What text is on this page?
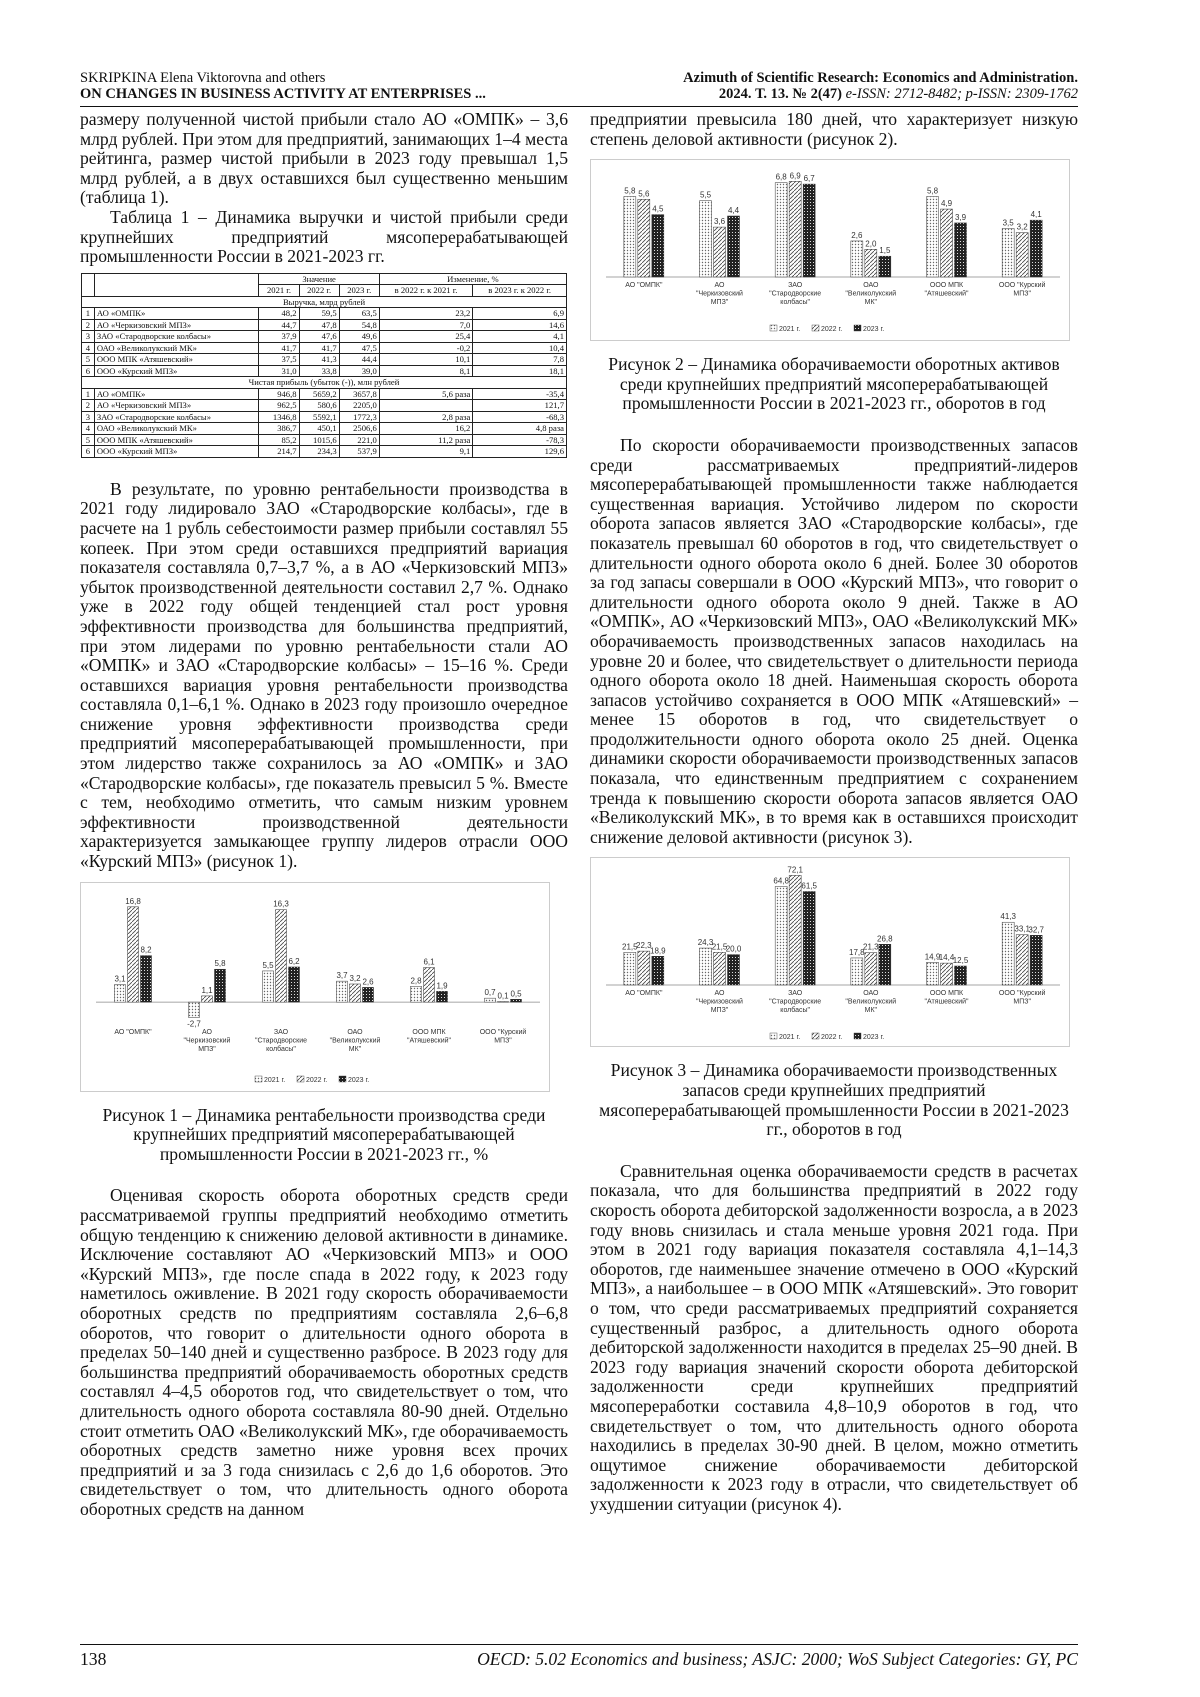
SKRIPKINA Elena Viktorovna and others
ON CHANGES IN BUSINESS ACTIVITY AT ENTERPRISES ...
Azimuth of Scientific Research: Economics and Administration.
2024. Т. 13. № 2(47) e-ISSN: 2712-8482; p-ISSN: 2309-1762

размеру полученной чистой прибыли стало АО «ОМПК» – 3,6 млрд рублей. При этом для предприятий, занимающих 1–4 места рейтинга, размер чистой прибыли в 2023 году превышал 1,5 млрд рублей, а в двух оставшихся был существенно меньшим (таблица 1).

Таблица 1 – Динамика выручки и чистой прибыли среди крупнейших предприятий мясоперерабатывающей промышленности России в 2021-2023 гг.

		Значение			Изменение, %	
		2021 г.	2022 г.	2023 г.	в 2022 г. к 2021 г.	в 2023 г. к 2022 г.
Выручка, млрд рублей						
1	АО «ОМПК»	48,2	59,5	63,5	23,2	6,9
2	АО «Черкизовский МПЗ»	44,7	47,8	54,8	7,0	14,6
3	ЗАО «Стародворские колбасы»	37,9	47,6	49,6	25,4	4,1
4	ОАО «Великолукский МК»	41,7	41,7	47,5	-0,2	10,4
5	ООО МПК «Атяшевский»	37,5	41,3	44,4	10,1	7,8
6	ООО «Курский МПЗ»	31,0	33,8	39,0	8,1	18,1
Чистая прибыль (убыток (-)), млн рублей						
1	АО «ОМПК»	946,8	5659,2	3657,8	5,6 раза	-35,4
2	АО «Черкизовский МПЗ»	962,5	580,6	2205,0		121,7
3	ЗАО «Стародворские колбасы»	1346,8	5592,1	1772,3	2,8 раза	-68,3
4	ОАО «Великолукский МК»	386,7	450,1	2506,6	16,2	4,8 раза
5	ООО МПК «Атяшевский»	85,2	1015,6	221,0	11,2 раза	-78,3
6	ООО «Курский МПЗ»	214,7	234,3	537,9	9,1	129,6

В результате, по уровню рентабельности производства в 2021 году лидировало ЗАО «Стародворские колбасы», где в расчете на 1 рубль себестоимости размер прибыли составлял 55 копеек. При этом среди оставшихся предприятий вариация показателя составляла 0,7–3,7 %, а в АО «Черкизовский МПЗ» убыток производственной деятельности составил 2,7 %. Однако уже в 2022 году общей тенденцией стал рост уровня эффективности производства для большинства предприятий, при этом лидерами по уровню рентабельности стали АО «ОМПК» и ЗАО «Стародворские колбасы» – 15–16 %. Среди оставшихся вариация уровня рентабельности производства составляла 0,1–6,1 %. Однако в 2023 году произошло очередное снижение уровня эффективности производства среди предприятий мясоперерабатывающей промышленности, при этом лидерство также сохранилось за АО «ОМПК» и ЗАО «Стародворские колбасы», где показатель превысил 5 %. Вместе с тем, необходимо отметить, что самым низким уровнем эффективности производственной деятельности характеризуется замыкающее группу лидеров отрасли ООО «Курский МПЗ» (рисунок 1).

3,1
16,8
8,2
АО "ОМПК"
-2,7
1,1
5,8
АО
"Черкизовский
МПЗ"
5,5
16,3
6,2
ЗАО
"Стародворские
колбасы"
3,7 3,2 2,6
ОАО
"Великолукский
МК"
2,8
6,1
1,9
ООО МПК
"Атяшевский"
0,7 0,1 0,5
ООО "Курский
МПЗ"
2021 г.	2022 г.	2023 г.

Рисунок 1 – Динамика рентабельности производства среди крупнейших предприятий мясоперерабатывающей промышленности России в 2021-2023 гг., %

Оценивая скорость оборота оборотных средств среди рассматриваемой группы предприятий необходимо отметить общую тенденцию к снижению деловой активности в динамике. Исключение составляют АО «Черкизовский МПЗ» и ООО «Курский МПЗ», где после спада в 2022 году, к 2023 году наметилось оживление. В 2021 году скорость оборачиваемости оборотных средств по предприятиям составляла 2,6–6,8 оборотов, что говорит о длительности одного оборота в пределах 50–140 дней и существенно разбросе. В 2023 году для большинства предприятий оборачиваемость оборотных средств составлял 4–4,5 оборотов год, что свидетельствует о том, что длительность одного оборота составляла 80-90 дней. Отдельно стоит отметить ОАО «Великолукский МК», где оборачиваемость оборотных средств заметно ниже уровня всех прочих предприятий и за 3 года снизилась с 2,6 до 1,6 оборотов. Это свидетельствует о том, что длительность одного оборота оборотных средств на данном

предприятии превысила 180 дней, что характеризует низкую степень деловой активности (рисунок 2).

5,8 5,6
4,5
АО "ОМПК"
5,5
3,6
4,4
АО
"Черкизовский
МПЗ"
6,8 6,9 6,7
ЗАО
"Стародворские
колбасы"
2,6
2,0
1,5
ОАО
"Великолукский
МК"
5,8
4,9
3,9
ООО МПК
"Атяшевский"
3,5 3,2
4,1
ООО "Курский
МПЗ"
2021 г.	2022 г.	2023 г.

Рисунок 2 – Динамика оборачиваемости оборотных активов среди крупнейших предприятий мясоперерабатывающей промышленности России в 2021-2023 гг., оборотов в год

По скорости оборачиваемости производственных запасов среди рассматриваемых предприятий-лидеров мясоперерабатывающей промышленности также наблюдается существенная вариация. Устойчиво лидером по скорости оборота запасов является ЗАО «Стародворские колбасы», где показатель превышал 60 оборотов в год, что свидетельствует о длительности одного оборота около 6 дней. Более 30 оборотов за год запасы совершали в ООО «Курский МПЗ», что говорит о длительности одного оборота около 9 дней. Также в АО «ОМПК», АО «Черкизовский МПЗ», ОАО «Великолукский МК» оборачиваемость производственных запасов находилась на уровне 20 и более, что свидетельствует о длительности периода одного оборота около 18 дней. Наименьшая скорость оборота запасов устойчиво сохраняется в ООО МПК «Атяшевский» – менее 15 оборотов в год, что свидетельствует о продолжительности одного оборота около 25 дней. Оценка динамики скорости оборачиваемости производственных запасов показала, что единственным предприятием с сохранением тренда к повышению скорости оборота запасов является ОАО «Великолукский МК», в то время как в оставшихся происходит снижение деловой активности (рисунок 3).

21,5
22,3
18,9
АО "ОМПК"
24,3
21,5
20,0
АО
"Черкизовский
МПЗ"
64,8
72,1
61,5
ЗАО
"Стародворские
колбасы"
17,8
21,3
26,8
ОАО
"Великолукский
МК"
14,9
14,4
12,5
ООО МПК
"Атяшевский"
41,3
33,1
32,7
ООО "Курский
МПЗ"
2021 г.	2022 г.	2023 г.

Рисунок 3 – Динамика оборачиваемости производственных запасов среди крупнейших предприятий мясоперерабатывающей промышленности России в 2021-2023 гг., оборотов в год

Сравнительная оценка оборачиваемости средств в расчетах показала, что для большинства предприятий в 2022 году скорость оборота дебиторской задолженности возросла, а в 2023 году вновь снизилась и стала меньше уровня 2021 года. При этом в 2021 году вариация показателя составляла 4,1–14,3 оборотов, где наименьшее значение отмечено в ООО «Курский МПЗ», а наибольшее – в ООО МПК «Атяшевский». Это говорит о том, что среди рассматриваемых предприятий сохраняется существенный разброс, а длительность одного оборота дебиторской задолженности находится в пределах 25–90 дней. В 2023 году вариация значений скорости оборота дебиторской задолженности среди крупнейших предприятий мясопереработки составила 4,8–10,9 оборотов в год, что свидетельствует о том, что длительность одного оборота находились в пределах 30-90 дней. В целом, можно отметить ощутимое снижение оборачиваемости дебиторской задолженности к 2023 году в отрасли, что свидетельствует об ухудшении ситуации (рисунок 4).

138	OECD: 5.02 Economics and business; ASJC: 2000; WoS Subject Categories: GY, PC
